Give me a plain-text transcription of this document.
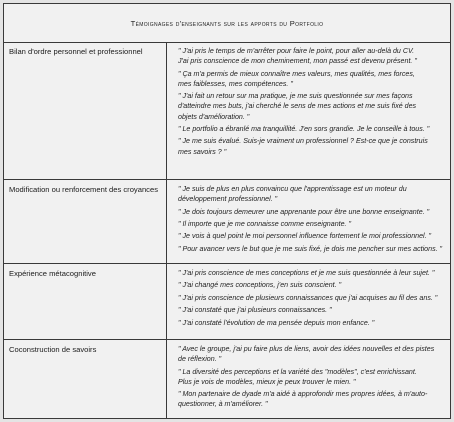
Témoignages d'enseignants sur les apports du Portfolio
Bilan d'ordre personnel et professionnel	" J'ai pris le temps de m'arrêter pour faire le point, pour aller au-delà du CV.
J'ai pris conscience de mon cheminement, mon passé est devenu présent. "
" Ça m'a permis de mieux connaître mes valeurs, mes qualités, mes forces,
mes faiblesses, mes compétences. "
" J'ai fait un retour sur ma pratique, je me suis questionnée sur mes façons
d'atteindre mes buts, j'ai cherché le sens de mes actions et me suis fixé des
objets d'amélioration. "
" Le portfolio a ébranlé ma tranquillité. J'en sors grandie. Je le conseille à tous. "
" Je me suis évalué. Suis-je vraiment un professionnel ? Est-ce que je construis
mes savoirs ? "
Modification ou renforcement des croyances	" Je suis de plus en plus convaincu que l'apprentissage est un moteur du
développement professionnel. "
" Je dois toujours demeurer une apprenante pour être une bonne enseignante. "
" Il importe que je me connaisse comme enseignante. "
" Je vois à quel point le moi personnel influence fortement le moi professionnel. "
" Pour avancer vers le but que je me suis fixé, je dois me pencher sur mes actions. "
Expérience métacognitive	" J'ai pris conscience de mes conceptions et je me suis questionnée à leur sujet. "
" J'ai changé mes conceptions, j'en suis conscient. "
" J'ai pris conscience de plusieurs connaissances que j'ai acquises au fil des ans. "
" J'ai constaté que j'ai plusieurs connaissances. "
" J'ai constaté l'évolution de ma pensée depuis mon enfance. "
Coconstruction de savoirs	" Avec le groupe, j'ai pu faire plus de liens, avoir des idées nouvelles et des pistes
de réflexion. "
" La diversité des perceptions et la variété des "modèles", c'est enrichissant.
Plus je vois de modèles, mieux je peux trouver le mien. "
" Mon partenaire de dyade m'a aidé à approfondir mes propres idées, à m'auto-
questionner, à m'améliorer. "
